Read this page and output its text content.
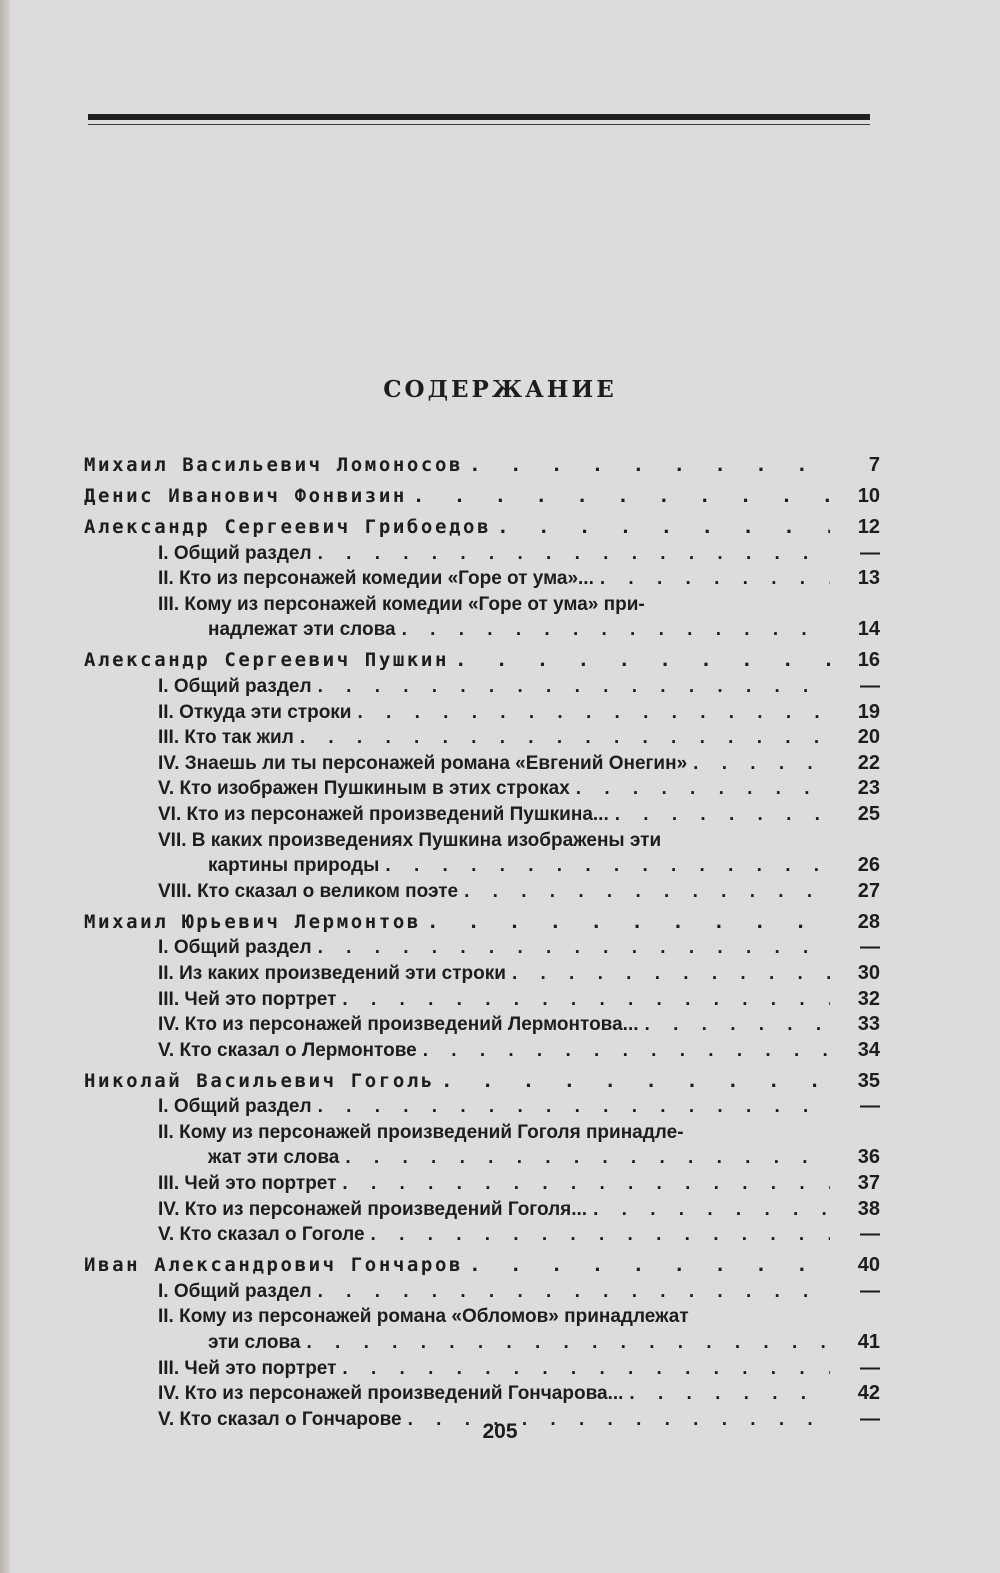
СОДЕРЖАНИЕ
Михаил Васильевич Ломоносов . . .	7
Денис Иванович Фонвизин . . .	10
Александр Сергеевич Грибоедов . . .	12
I. Общий раздел . . .	—
II. Кто из персонажей комедии «Горе от ума»... . . .	13
III. Кому из персонажей комедии «Горе от ума» при-
надлежат эти слова . . .	14
Александр Сергеевич Пушкин . . .	16
I. Общий раздел . . .	—
II. Откуда эти строки . . .	19
III. Кто так жил . . .	20
IV. Знаешь ли ты персонажей романа «Евгений Онегин» . . .	22
V. Кто изображен Пушкиным в этих строках . . .	23
VI. Кто из персонажей произведений Пушкина... . . .	25
VII. В каких произведениях Пушкина изображены эти
картины природы . . .	26
VIII. Кто сказал о великом поэте . . .	27
Михаил Юрьевич Лермонтов . . .	28
I. Общий раздел . . .	—
II. Из каких произведений эти строки . . .	30
III. Чей это портрет . . .	32
IV. Кто из персонажей произведений Лермонтова... . . .	33
V. Кто сказал о Лермонтове . . .	34
Николай Васильевич Гоголь . . .	35
I. Общий раздел . . .	—
II. Кому из персонажей произведений Гоголя принадле-
жат эти слова . . .	36
III. Чей это портрет . . .	37
IV. Кто из персонажей произведений Гоголя... . . .	38
V. Кто сказал о Гоголе . . .	—
Иван Александрович Гончаров . . .	40
I. Общий раздел . . .	—
II. Кому из персонажей романа «Обломов» принадлежат
эти слова . . .	41
III. Чей это портрет . . .	—
IV. Кто из персонажей произведений Гончарова... . . .	42
V. Кто сказал о Гончарове . . .	—
205
